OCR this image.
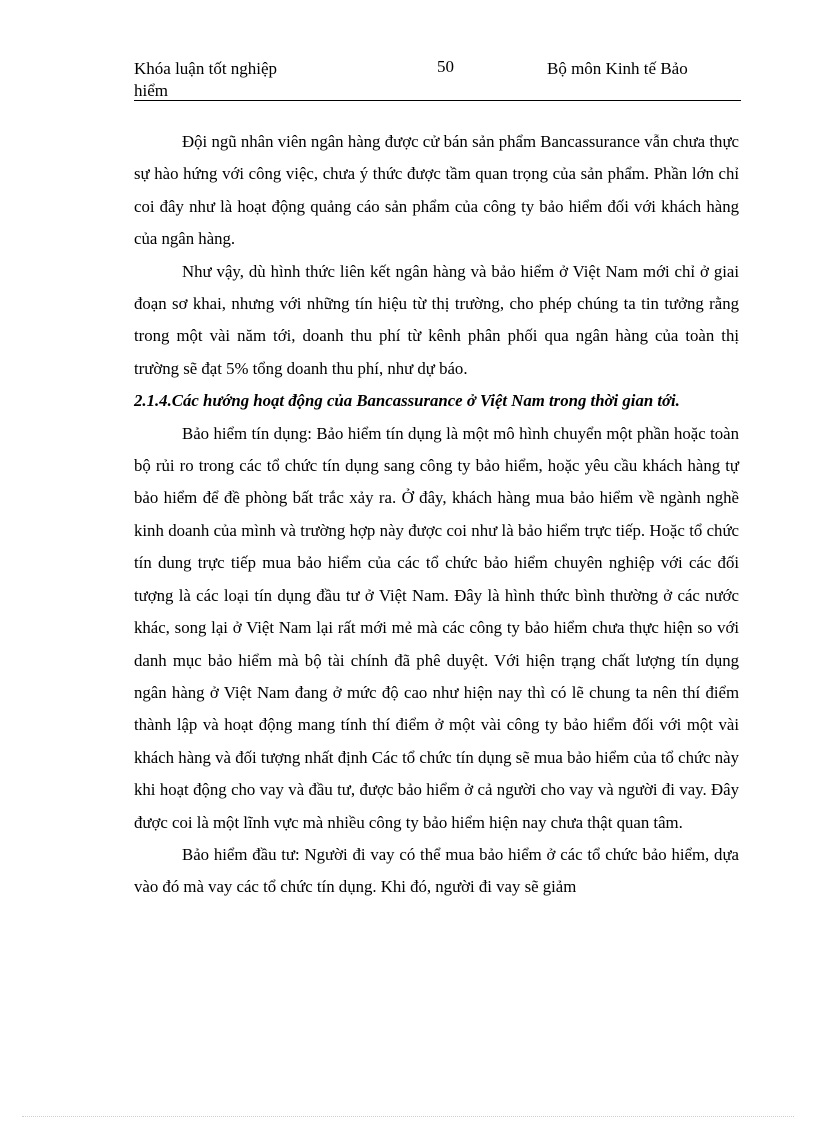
Khóa luận tốt nghiệp
hiểm
50	Bộ môn Kinh tế Bảo

Đội ngũ nhân viên ngân hàng được cử bán sản phẩm Bancassurance vẫn chưa thực sự hào hứng với công việc, chưa ý thức được tầm quan trọng của sản phẩm. Phần lớn chỉ coi đây như là hoạt động quảng cáo sản phẩm của công ty bảo hiểm đối với khách hàng của ngân hàng.

Như vậy, dù hình thức liên kết ngân hàng và bảo hiểm ở Việt Nam mới chỉ ở giai đoạn sơ khai, nhưng với những tín hiệu từ thị trường, cho phép chúng ta tin tưởng rằng trong một vài năm tới, doanh thu phí từ kênh phân phối qua ngân hàng của toàn thị trường sẽ đạt 5% tổng doanh thu phí, như dự báo.

2.1.4.Các hướng hoạt động của Bancassurance ở Việt Nam trong thời gian tới.

Bảo hiểm tín dụng: Bảo hiểm tín dụng là một mô hình chuyển một phần hoặc toàn bộ rủi ro trong các tổ chức tín dụng sang công ty bảo hiểm, hoặc yêu cầu khách hàng tự bảo hiểm để đề phòng bất trắc xảy ra. Ở đây, khách hàng mua bảo hiểm về ngành nghề kinh doanh của mình và trường hợp này được coi như là bảo hiểm trực tiếp. Hoặc tổ chức tín dung trực tiếp mua bảo hiểm của các tổ chức bảo hiểm chuyên nghiệp với các đối tượng là các loại tín dụng đầu tư ở Việt Nam. Đây là hình thức bình thường ở các nước khác, song lại ở Việt Nam lại rất mới mẻ mà các công ty bảo hiểm chưa thực hiện so với danh mục bảo hiểm mà bộ tài chính đã phê duyệt. Với hiện trạng chất lượng tín dụng ngân hàng ở Việt Nam đang ở mức độ cao như hiện nay thì có lẽ chung ta nên thí điểm thành lập và hoạt động mang tính thí điểm ở một vài công ty bảo hiểm đối với một vài khách hàng và đối tượng nhất định Các tổ chức tín dụng sẽ mua bảo hiểm của tổ chức này khi hoạt động cho vay và đầu tư, được bảo hiểm ở cả người cho vay và người đi vay. Đây được coi là một lĩnh vực mà nhiều công ty bảo hiểm hiện nay chưa thật quan tâm.

Bảo hiểm đầu tư: Người đi vay có thể mua bảo hiểm ở các tổ chức bảo hiểm, dựa vào đó mà vay các tổ chức tín dụng. Khi đó, người đi vay sẽ giảm
